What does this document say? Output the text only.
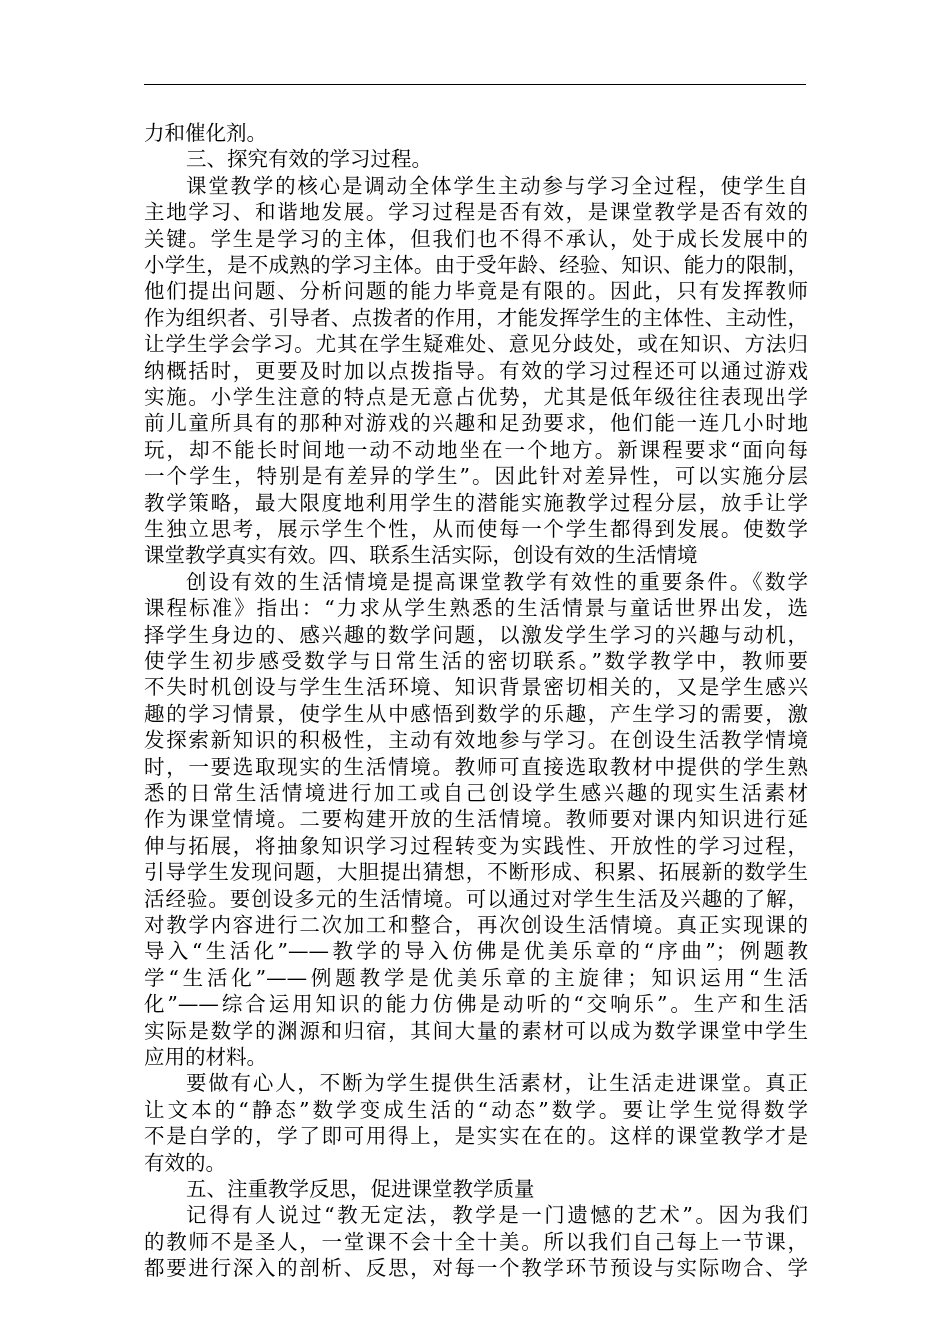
力和催化剂。
三、探究有效的学习过程。
课堂教学的核心是调动全体学生主动参与学习全过程，使学生自
主地学习、和谐地发展。学习过程是否有效，是课堂教学是否有效的
关键。学生是学习的主体，但我们也不得不承认，处于成长发展中的
小学生，是不成熟的学习主体。由于受年龄、经验、知识、能力的限制，
他们提出问题、分析问题的能力毕竟是有限的。因此，只有发挥教师
作为组织者、引导者、点拨者的作用，才能发挥学生的主体性、主动性，
让学生学会学习。尤其在学生疑难处、意见分歧处，或在知识、方法归
纳概括时，更要及时加以点拨指导。有效的学习过程还可以通过游戏
实施。小学生注意的特点是无意占优势，尤其是低年级往往表现出学
前儿童所具有的那种对游戏的兴趣和足劲要求，他们能一连几小时地
玩，却不能长时间地一动不动地坐在一个地方。新课程要求“面向每
一个学生，特别是有差异的学生”。因此针对差异性，可以实施分层
教学策略，最大限度地利用学生的潜能实施教学过程分层，放手让学
生独立思考，展示学生个性，从而使每一个学生都得到发展。使数学
课堂教学真实有效。四、联系生活实际，创设有效的生活情境
创设有效的生活情境是提高课堂教学有效性的重要条件。《数学
课程标准》指出：“力求从学生熟悉的生活情景与童话世界出发，选
择学生身边的、感兴趣的数学问题，以激发学生学习的兴趣与动机，
使学生初步感受数学与日常生活的密切联系。”数学教学中，教师要
不失时机创设与学生生活环境、知识背景密切相关的，又是学生感兴
趣的学习情景，使学生从中感悟到数学的乐趣，产生学习的需要，激
发探索新知识的积极性，主动有效地参与学习。在创设生活教学情境
时，一要选取现实的生活情境。教师可直接选取教材中提供的学生熟
悉的日常生活情境进行加工或自己创设学生感兴趣的现实生活素材
作为课堂情境。二要构建开放的生活情境。教师要对课内知识进行延
伸与拓展，将抽象知识学习过程转变为实践性、开放性的学习过程，
引导学生发现问题，大胆提出猜想，不断形成、积累、拓展新的数学生
活经验。要创设多元的生活情境。可以通过对学生生活及兴趣的了解，
对教学内容进行二次加工和整合，再次创设生活情境。真正实现课的
导入“生活化”——教学的导入仿佛是优美乐章的“序曲”；例题教
学“生活化”——例题教学是优美乐章的主旋律；知识运用“生活
化”——综合运用知识的能力仿佛是动听的“交响乐”。生产和生活
实际是数学的渊源和归宿，其间大量的素材可以成为数学课堂中学生
应用的材料。
要做有心人，不断为学生提供生活素材，让生活走进课堂。真正
让文本的“静态”数学变成生活的“动态”数学。要让学生觉得数学
不是白学的，学了即可用得上，是实实在在的。这样的课堂教学才是
有效的。
五、注重教学反思，促进课堂教学质量
记得有人说过“教无定法，教学是一门遗憾的艺术”。因为我们
的教师不是圣人，一堂课不会十全十美。所以我们自己每上一节课，
都要进行深入的剖析、反思，对每一个教学环节预设与实际吻合、学
